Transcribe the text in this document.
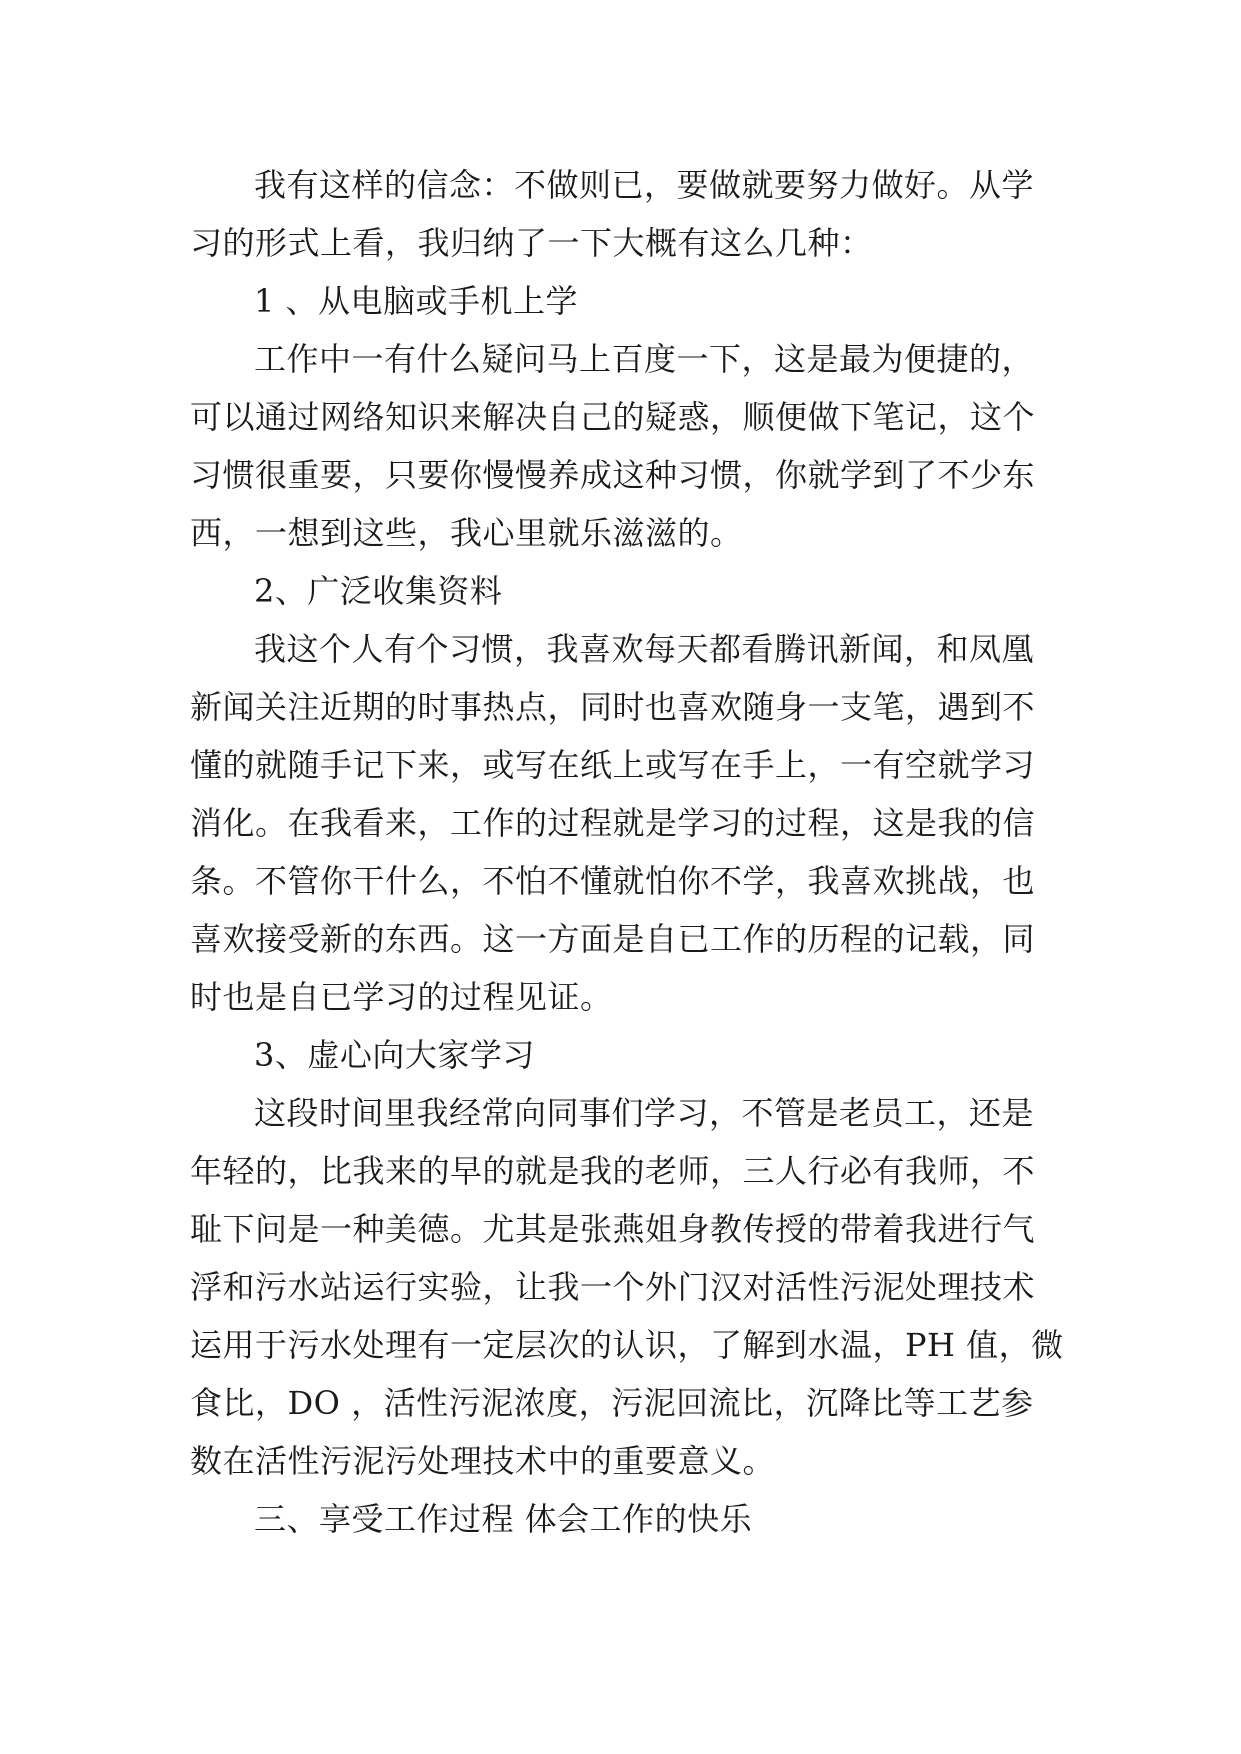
我有这样的信念：不做则已，要做就要努力做好。从学
习的形式上看，我归纳了一下大概有这么几种：
1 、从电脑或手机上学
工作中一有什么疑问马上百度一下，这是最为便捷的，
可以通过网络知识来解决自己的疑惑，顺便做下笔记，这个
习惯很重要，只要你慢慢养成这种习惯，你就学到了不少东
西，一想到这些，我心里就乐滋滋的。
2、广泛收集资料
我这个人有个习惯，我喜欢每天都看腾讯新闻，和凤凰
新闻关注近期的时事热点，同时也喜欢随身一支笔，遇到不
懂的就随手记下来，或写在纸上或写在手上，一有空就学习
消化。在我看来，工作的过程就是学习的过程，这是我的信
条。不管你干什么，不怕不懂就怕你不学，我喜欢挑战，也
喜欢接受新的东西。这一方面是自已工作的历程的记载，同
时也是自已学习的过程见证。
3、虚心向大家学习
这段时间里我经常向同事们学习，不管是老员工，还是
年轻的，比我来的早的就是我的老师，三人行必有我师，不
耻下问是一种美德。尤其是张燕姐身教传授的带着我进行气
浮和污水站运行实验，让我一个外门汉对活性污泥处理技术
运用于污水处理有一定层次的认识，了解到水温，PH 值，微
食比，DO ，活性污泥浓度，污泥回流比，沉降比等工艺参
数在活性污泥污处理技术中的重要意义。
三、享受工作过程 体会工作的快乐
